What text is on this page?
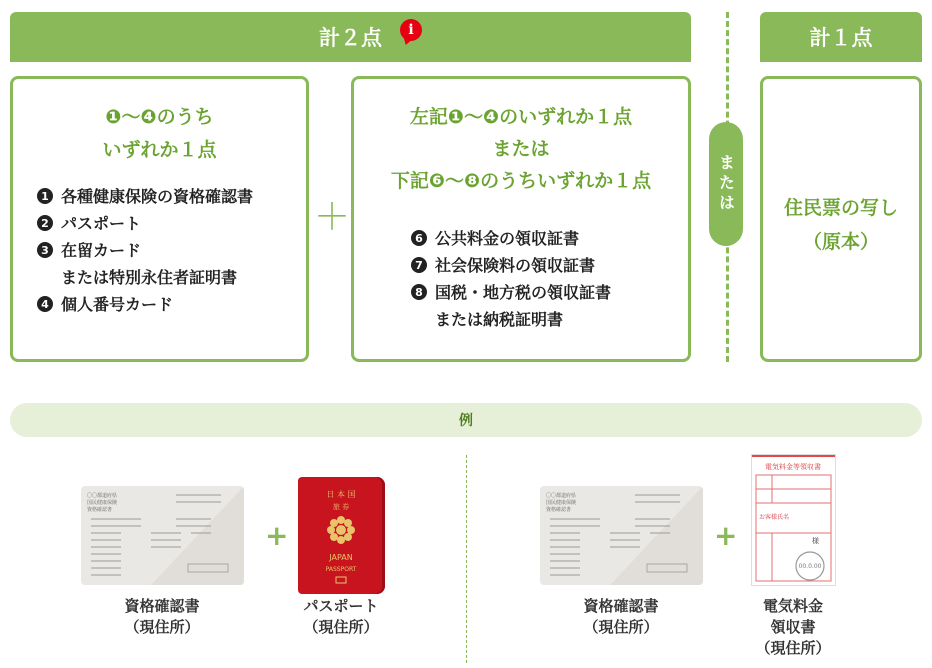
計２点	i	計１点
❶〜❹のうち
いずれか１点
1 各種健康保険の資格確認書
2 パスポート
3 在留カード
または特別永住者証明書
4 個人番号カード
＋
左記❶〜❹のいずれか１点
または
下記❻〜❽のうちいずれか１点
6 公共料金の領収証書
7 社会保険料の領収証書
8 国税・地方税の領収証書
または納税証明書
または	住民票の写し
（原本）
例
〇〇都道府県
国民健康保険
資格確認書
+
日 本 国
旅 券
JAPAN
PASSPORT
〇〇都道府県
国民健康保険
資格確認書
+
電気料金等領収書
お客様氏名
様
00.0.00
資格確認書
（現住所）
パスポート
（現住所）
資格確認書
（現住所）
電気料金
領収書
（現住所）
